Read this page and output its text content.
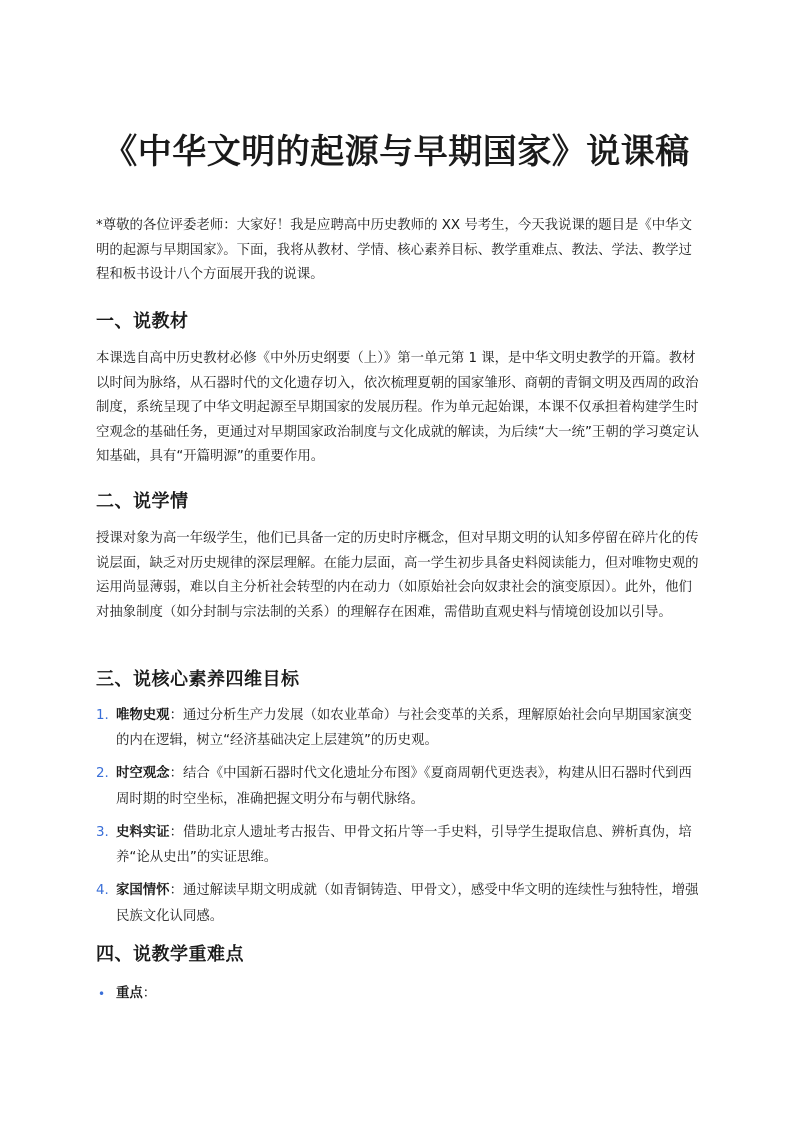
《中华文明的起源与早期国家》说课稿

*尊敬的各位评委老师：大家好！我是应聘高中历史教师的 XX 号考生，今天我说课的题目是《中华文明的起源与早期国家》。下面，我将从教材、学情、核心素养目标、教学重难点、教法、学法、教学过程和板书设计八个方面展开我的说课。

一、说教材

本课选自高中历史教材必修《中外历史纲要（上）》第一单元第 1 课，是中华文明史教学的开篇。教材以时间为脉络，从石器时代的文化遗存切入，依次梳理夏朝的国家雏形、商朝的青铜文明及西周的政治制度，系统呈现了中华文明起源至早期国家的发展历程。作为单元起始课，本课不仅承担着构建学生时空观念的基础任务，更通过对早期国家政治制度与文化成就的解读，为后续“大一统”王朝的学习奠定认知基础，具有“开篇明源”的重要作用。

二、说学情

授课对象为高一年级学生，他们已具备一定的历史时序概念，但对早期文明的认知多停留在碎片化的传说层面，缺乏对历史规律的深层理解。在能力层面，高一学生初步具备史料阅读能力，但对唯物史观的运用尚显薄弱，难以自主分析社会转型的内在动力（如原始社会向奴隶社会的演变原因）。此外，他们对抽象制度（如分封制与宗法制的关系）的理解存在困难，需借助直观史料与情境创设加以引导。

三、说核心素养四维目标
1. 唯物史观：通过分析生产力发展（如农业革命）与社会变革的关系，理解原始社会向早期国家演变的内在逻辑，树立“经济基础决定上层建筑”的历史观。
2. 时空观念：结合《中国新石器时代文化遗址分布图》《夏商周朝代更迭表》，构建从旧石器时代到西周时期的时空坐标，准确把握文明分布与朝代脉络。
3. 史料实证：借助北京人遗址考古报告、甲骨文拓片等一手史料，引导学生提取信息、辨析真伪，培养“论从史出”的实证思维。
4. 家国情怀：通过解读早期文明成就（如青铜铸造、甲骨文），感受中华文明的连续性与独特性，增强民族文化认同感。
四、说教学重难点
• 重点：
